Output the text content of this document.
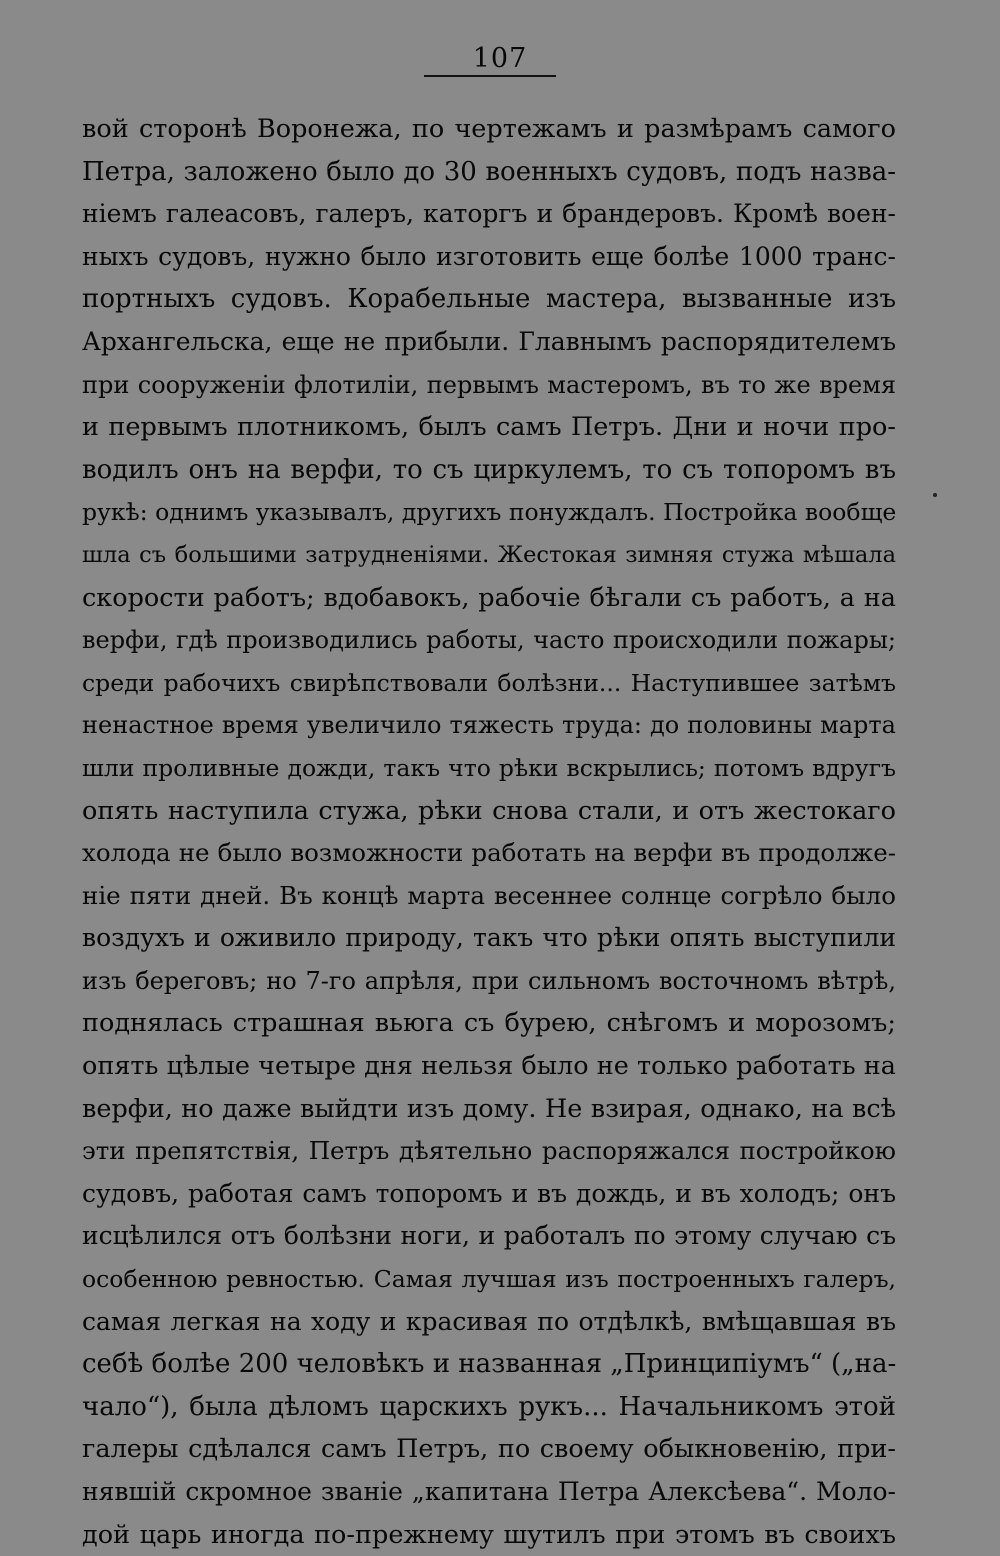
107
вой сторонѣ Воронежа, по чертежамъ и размѣрамъ самого
Петра, заложено было до 30 военныхъ судовъ, подъ назва-
ніемъ галеасовъ, галеръ, каторгъ и брандеровъ. Кромѣ воен-
ныхъ судовъ, нужно было изготовить еще болѣе 1000 транс-
портныхъ судовъ. Корабельные мастера, вызванные изъ
Архангельска, еще не прибыли. Главнымъ распорядителемъ
при сооруженіи флотиліи, первымъ мастеромъ, въ то же время
и первымъ плотникомъ, былъ самъ Петръ. Дни и ночи про-
водилъ онъ на верфи, то съ циркулемъ, то съ топоромъ въ
рукѣ: однимъ указывалъ, другихъ понуждалъ. Постройка вообще
шла съ большими затрудненіями. Жестокая зимняя стужа мѣшала
скорости работъ; вдобавокъ, рабочіе бѣгали съ работъ, а на
верфи, гдѣ производились работы, часто происходили пожары;
среди рабочихъ свирѣпствовали болѣзни... Наступившее затѣмъ
ненастное время увеличило тяжесть труда: до половины марта
шли проливные дожди, такъ что рѣки вскрылись; потомъ вдругъ
опять наступила стужа, рѣки снова стали, и отъ жестокаго
холода не было возможности работать на верфи въ продолже-
ніе пяти дней. Въ концѣ марта весеннее солнце согрѣло было
воздухъ и оживило природу, такъ что рѣки опять выступили
изъ береговъ; но 7-го апрѣля, при сильномъ восточномъ вѣтрѣ,
поднялась страшная вьюга съ бурею, снѣгомъ и морозомъ;
опять цѣлые четыре дня нельзя было не только работать на
верфи, но даже выйдти изъ дому. Не взирая, однако, на всѣ
эти препятствія, Петръ дѣятельно распоряжался постройкою
судовъ, работая самъ топоромъ и въ дождь, и въ холодъ; онъ
исцѣлился отъ болѣзни ноги, и работалъ по этому случаю съ
особенною ревностью. Самая лучшая изъ построенныхъ галеръ,
самая легкая на ходу и красивая по отдѣлкѣ, вмѣщавшая въ
себѣ болѣе 200 человѣкъ и названная „Принципіумъ“ („на-
чало“), была дѣломъ царскихъ рукъ... Начальникомъ этой
галеры сдѣлался самъ Петръ, по своему обыкновенію, при-
нявшій скромное званіе „капитана Петра Алексѣева“. Моло-
дой царь иногда по-прежнему шутилъ при этомъ въ своихъ
